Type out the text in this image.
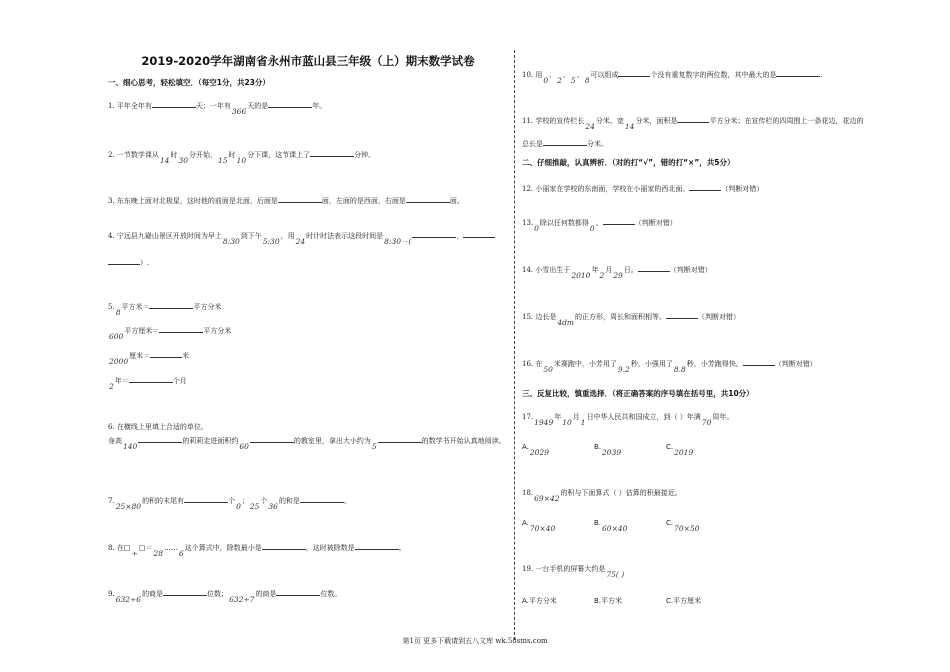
2019-2020学年湖南省永州市蓝山县三年级（上）期末数学试卷
一、细心思考，轻松填空．（每空1分，共23分）
1. 平年全年有	天；一年有366天的是	年。
2. 一节数学课从14时30分开始，15时10分下课，这节课上了	分钟。
3. 东东晚上面对北极星，这时他的前面是北面，后面是	面，左面的是西面，右面是	面。
4. 宁远县九嶷山景区开放时间为早上8:30到下午5:30，用24时计时法表示这段时间是8:30－(，
）.
5.8平方米＝	平方分米
600平方厘米＝	平方分米
2000厘米＝	米
2年＝	个月
6. 在横线上里填上合适的单位。
身高140的莉莉走进面积约60的教室里，拿出大小约为5的数学书开始认真地阅读。
7.25×80的积的末尾有	个0；25个36的和是	。
8. 在□÷□＝28……6这个算式中，除数最小是	，这时被除数是	。
9.632÷6的商是	位数；632÷7的商是	位数。
10. 用0、2、5、8可以组成	个没有重复数字的两位数，其中最大的是	.
11. 学校的宣传栏长24分米、宽14分米，面积是	平方分米；在宣传栏的四周围上一条花边，花边的
总长是	分米。
二、仔细推敲，认真辨析．（对的打“√”，错的打“×”，共5分）
12. 小丽家在学校的东南面，学校在小丽家的西北面。	（判断对错）
13.0除以任何数都得0。	（判断对错）
14. 小雪出生于2010年2月29日。	（判断对错）
15. 边长是4dm的正方形，周长和面积相等。	（判断对错）
16. 在50米赛跑中，小芳用了9.2秒，小强用了8.8秒，小芳跑得快。	（判断对错）
三、反复比较，慎重选择．（将正确答案的序号填在括号里，共10分）
17.1949年10月1日中华人民共和国成立，到（ ）年满70周年。
A.2029
B.2039
C.2019
18.69×42的积与下面算式（ ）估算的积最接近。
A.70×40
B.60×40
C.70×50
19. 一台手机的屏幕大约是75( )
A.平方分米	B.平方米	C.平方厘米
第1页 更多下载请到五八文库 wk.58sms.com
